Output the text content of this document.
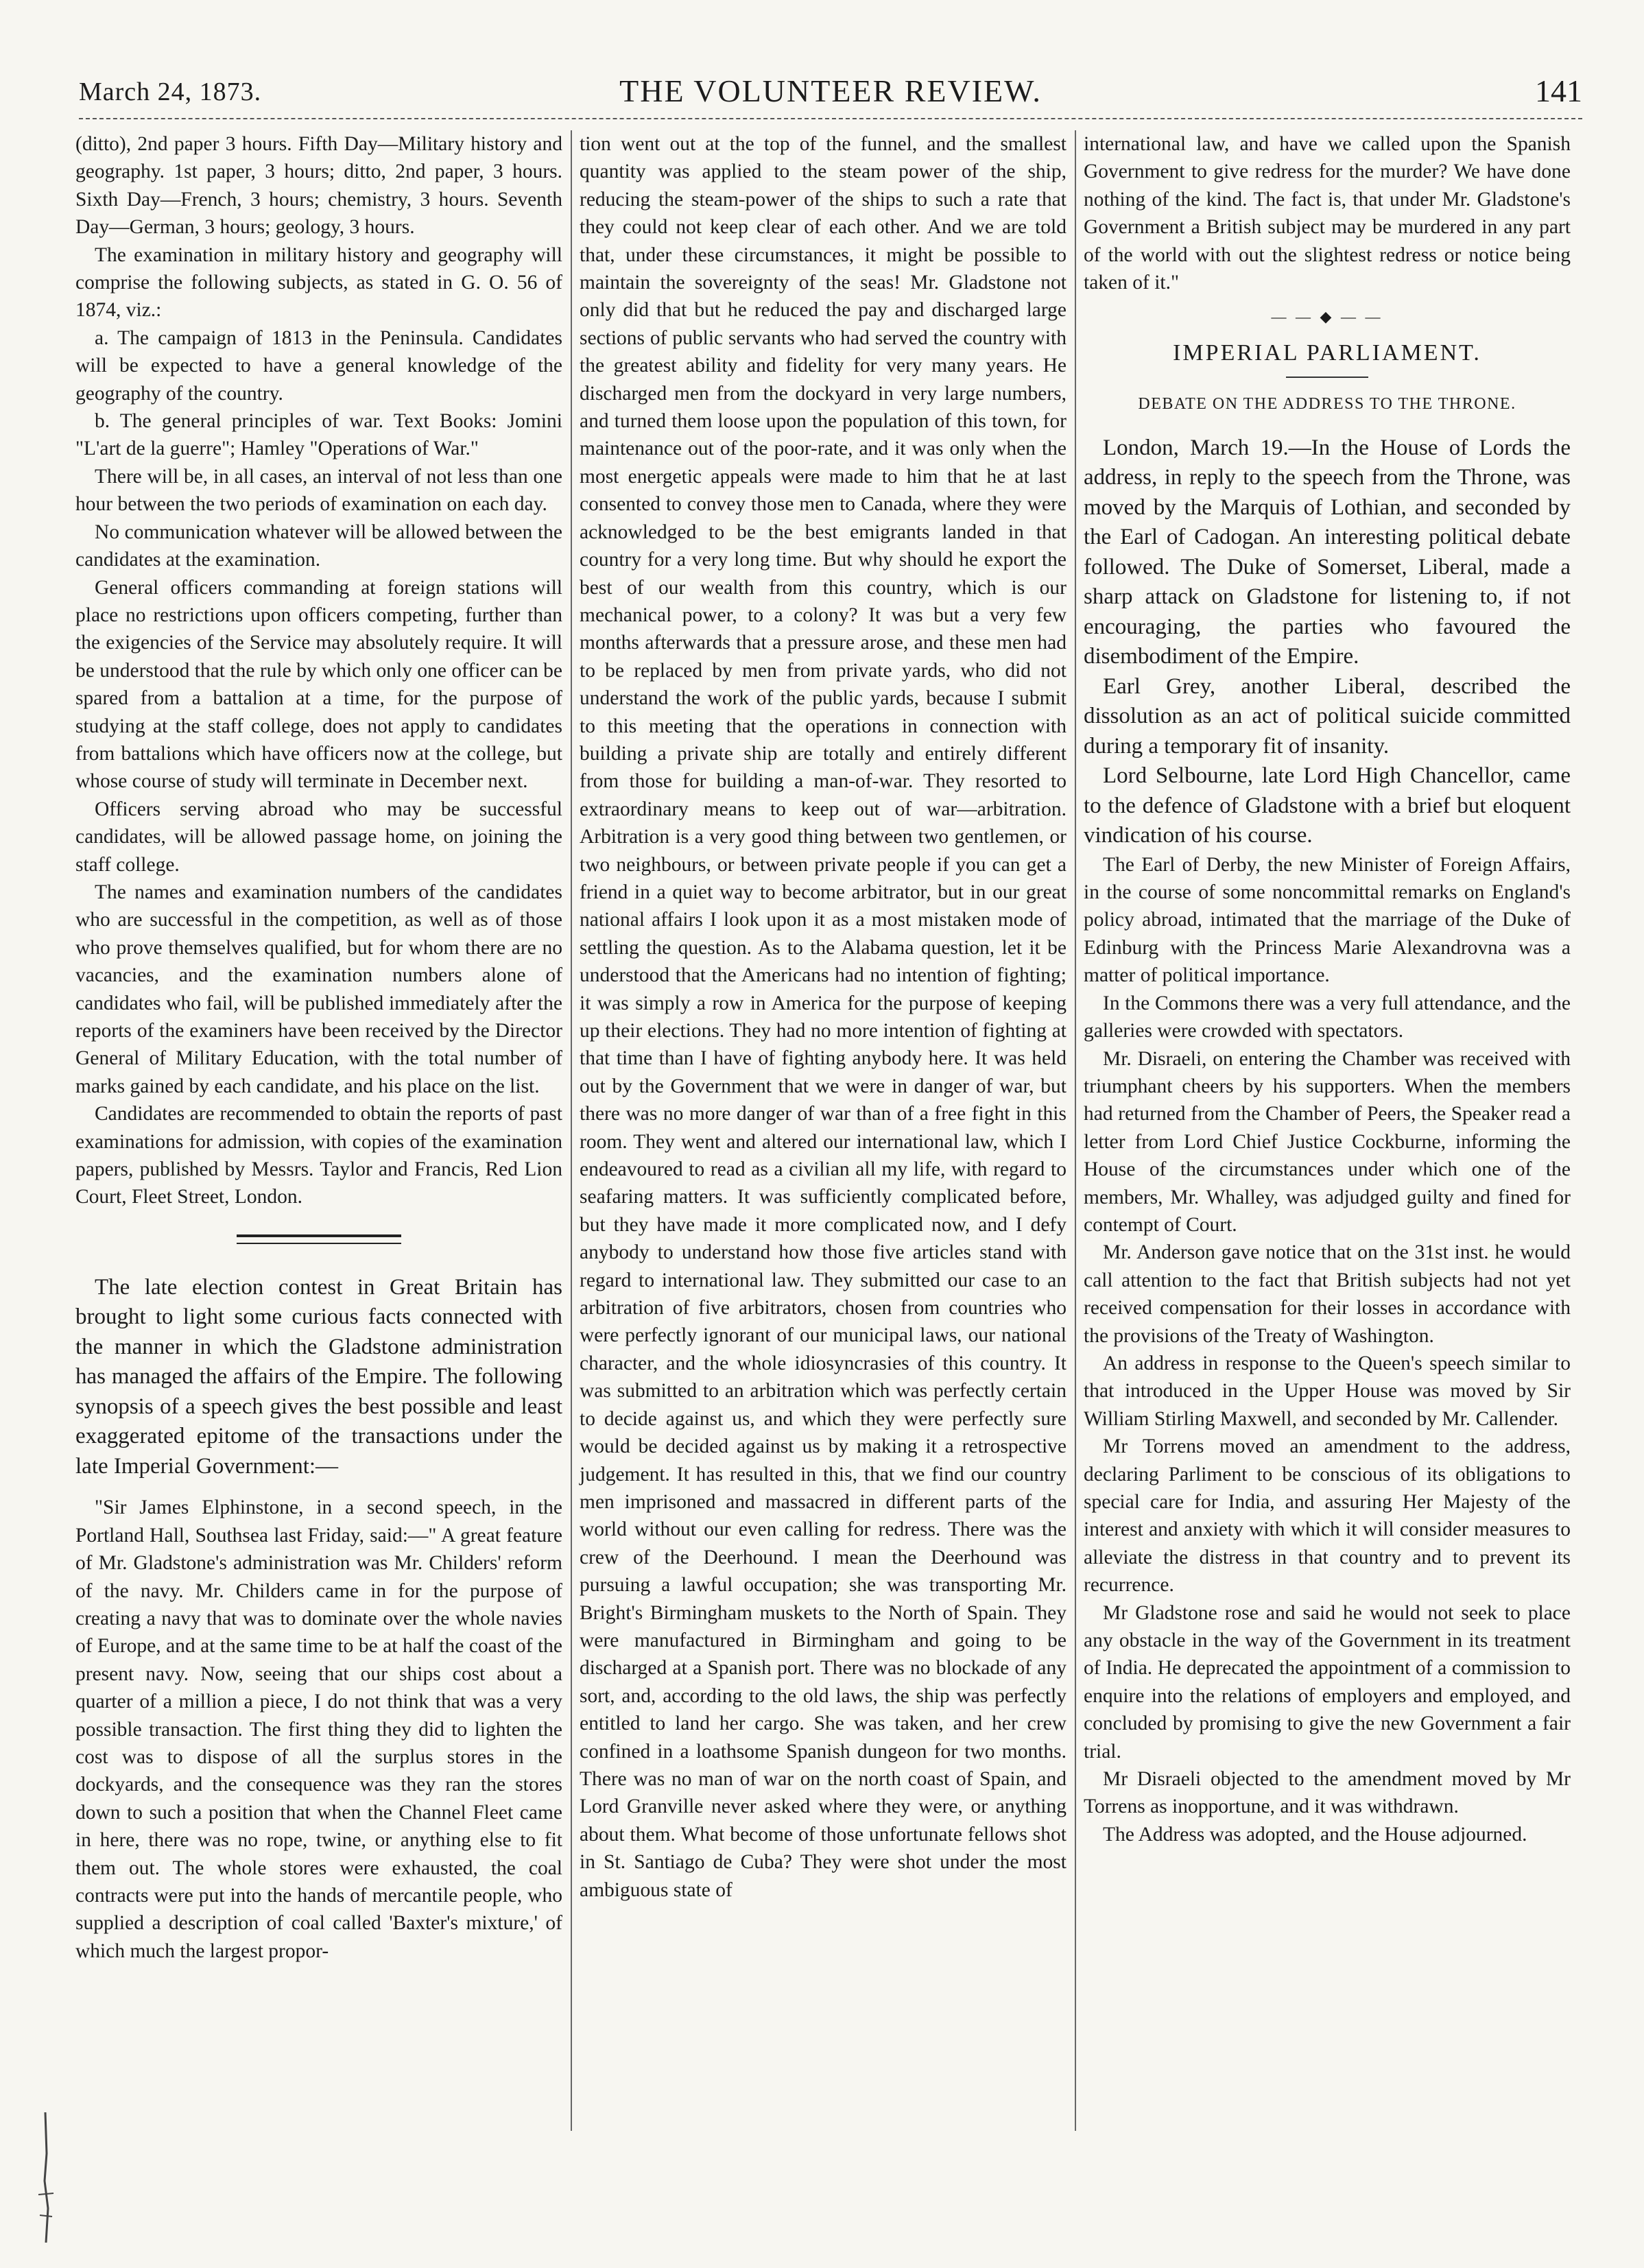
March 24, 1873.	THE VOLUNTEER REVIEW.	141

(ditto), 2nd paper 3 hours. Fifth Day—Military history and geography. 1st paper, 3 hours; ditto, 2nd paper, 3 hours. Sixth Day—French, 3 hours; chemistry, 3 hours. Seventh Day—German, 3 hours; geology, 3 hours.

The examination in military history and geography will comprise the following subjects, as stated in G. O. 56 of 1874, viz.:

a. The campaign of 1813 in the Peninsula. Candidates will be expected to have a general knowledge of the geography of the country.

b. The general principles of war. Text Books: Jomini "L'art de la guerre"; Hamley "Operations of War."

There will be, in all cases, an interval of not less than one hour between the two periods of examination on each day.

No communication whatever will be allowed between the candidates at the examination.

General officers commanding at foreign stations will place no restrictions upon officers competing, further than the exigencies of the Service may absolutely require. It will be understood that the rule by which only one officer can be spared from a battalion at a time, for the purpose of studying at the staff college, does not apply to candidates from battalions which have officers now at the college, but whose course of study will terminate in December next.

Officers serving abroad who may be successful candidates, will be allowed passage home, on joining the staff college.

The names and examination numbers of the candidates who are successful in the competition, as well as of those who prove themselves qualified, but for whom there are no vacancies, and the examination numbers alone of candidates who fail, will be published immediately after the reports of the examiners have been received by the Director General of Military Education, with the total number of marks gained by each candidate, and his place on the list.

Candidates are recommended to obtain the reports of past examinations for admission, with copies of the examination papers, published by Messrs. Taylor and Francis, Red Lion Court, Fleet Street, London.

The late election contest in Great Britain has brought to light some curious facts connected with the manner in which the Gladstone administration has managed the affairs of the Empire. The following synopsis of a speech gives the best possible and least exaggerated epitome of the transactions under the late Imperial Government:—

"Sir James Elphinstone, in a second speech, in the Portland Hall, Southsea last Friday, said:—" A great feature of Mr. Gladstone's administration was Mr. Childers' reform of the navy. Mr. Childers came in for the purpose of creating a navy that was to dominate over the whole navies of Europe, and at the same time to be at half the coast of the present navy. Now, seeing that our ships cost about a quarter of a million a piece, I do not think that was a very possible transaction. The first thing they did to lighten the cost was to dispose of all the surplus stores in the dockyards, and the consequence was they ran the stores down to such a position that when the Channel Fleet came in here, there was no rope, twine, or anything else to fit them out. The whole stores were exhausted, the coal contracts were put into the hands of mercantile people, who supplied a description of coal called 'Baxter's mixture,' of which much the largest propor-

tion went out at the top of the funnel, and the smallest quantity was applied to the steam power of the ship, reducing the steam-power of the ships to such a rate that they could not keep clear of each other. And we are told that, under these circumstances, it might be possible to maintain the sovereignty of the seas! Mr. Gladstone not only did that but he reduced the pay and discharged large sections of public servants who had served the country with the greatest ability and fidelity for very many years. He discharged men from the dockyard in very large numbers, and turned them loose upon the population of this town, for maintenance out of the poor-rate, and it was only when the most energetic appeals were made to him that he at last consented to convey those men to Canada, where they were acknowledged to be the best emigrants landed in that country for a very long time. But why should he export the best of our wealth from this country, which is our mechanical power, to a colony? It was but a very few months afterwards that a pressure arose, and these men had to be replaced by men from private yards, who did not understand the work of the public yards, because I submit to this meeting that the operations in connection with building a private ship are totally and entirely different from those for building a man-of-war. They resorted to extraordinary means to keep out of war—arbitration. Arbitration is a very good thing between two gentlemen, or two neighbours, or between private people if you can get a friend in a quiet way to become arbitrator, but in our great national affairs I look upon it as a most mistaken mode of settling the question. As to the Alabama question, let it be understood that the Americans had no intention of fighting; it was simply a row in America for the purpose of keeping up their elections. They had no more intention of fighting at that time than I have of fighting anybody here. It was held out by the Government that we were in danger of war, but there was no more danger of war than of a free fight in this room. They went and altered our international law, which I endeavoured to read as a civilian all my life, with regard to seafaring matters. It was sufficiently complicated before, but they have made it more complicated now, and I defy anybody to understand how those five articles stand with regard to international law. They submitted our case to an arbitration of five arbitrators, chosen from countries who were perfectly ignorant of our municipal laws, our national character, and the whole idiosyncrasies of this country. It was submitted to an arbitration which was perfectly certain to decide against us, and which they were perfectly sure would be decided against us by making it a retrospective judgement. It has resulted in this, that we find our country men imprisoned and massacred in different parts of the world without our even calling for redress. There was the crew of the Deerhound. I mean the Deerhound was pursuing a lawful occupation; she was transporting Mr. Bright's Birmingham muskets to the North of Spain. They were manufactured in Birmingham and going to be discharged at a Spanish port. There was no blockade of any sort, and, according to the old laws, the ship was perfectly entitled to land her cargo. She was taken, and her crew confined in a loathsome Spanish dungeon for two months. There was no man of war on the north coast of Spain, and Lord Granville never asked where they were, or anything about them. What become of those unfortunate fellows shot in St. Santiago de Cuba? They were shot under the most ambiguous state of

international law, and have we called upon the Spanish Government to give redress for the murder? We have done nothing of the kind. The fact is, that under Mr. Gladstone's Government a British subject may be murdered in any part of the world with out the slightest redress or notice being taken of it."

— — ◆ — —
IMPERIAL PARLIAMENT.
DEBATE ON THE ADDRESS TO THE THRONE.

London, March 19.—In the House of Lords the address, in reply to the speech from the Throne, was moved by the Marquis of Lothian, and seconded by the Earl of Cadogan. An interesting political debate followed. The Duke of Somerset, Liberal, made a sharp attack on Gladstone for listening to, if not encouraging, the parties who favoured the disembodiment of the Empire.

Earl Grey, another Liberal, described the dissolution as an act of political suicide committed during a temporary fit of insanity.

Lord Selbourne, late Lord High Chancellor, came to the defence of Gladstone with a brief but eloquent vindication of his course.

The Earl of Derby, the new Minister of Foreign Affairs, in the course of some noncommittal remarks on England's policy abroad, intimated that the marriage of the Duke of Edinburg with the Princess Marie Alexandrovna was a matter of political importance.

In the Commons there was a very full attendance, and the galleries were crowded with spectators.

Mr. Disraeli, on entering the Chamber was received with triumphant cheers by his supporters. When the members had returned from the Chamber of Peers, the Speaker read a letter from Lord Chief Justice Cockburne, informing the House of the circumstances under which one of the members, Mr. Whalley, was adjudged guilty and fined for contempt of Court.

Mr. Anderson gave notice that on the 31st inst. he would call attention to the fact that British subjects had not yet received compensation for their losses in accordance with the provisions of the Treaty of Washington.

An address in response to the Queen's speech similar to that introduced in the Upper House was moved by Sir William Stirling Maxwell, and seconded by Mr. Callender.

Mr Torrens moved an amendment to the address, declaring Parliment to be conscious of its obligations to special care for India, and assuring Her Majesty of the interest and anxiety with which it will consider measures to alleviate the distress in that country and to prevent its recurrence.

Mr Gladstone rose and said he would not seek to place any obstacle in the way of the Government in its treatment of India. He deprecated the appointment of a commission to enquire into the relations of employers and employed, and concluded by promising to give the new Government a fair trial.

Mr Disraeli objected to the amendment moved by Mr Torrens as inopportune, and it was withdrawn.

The Address was adopted, and the House adjourned.
